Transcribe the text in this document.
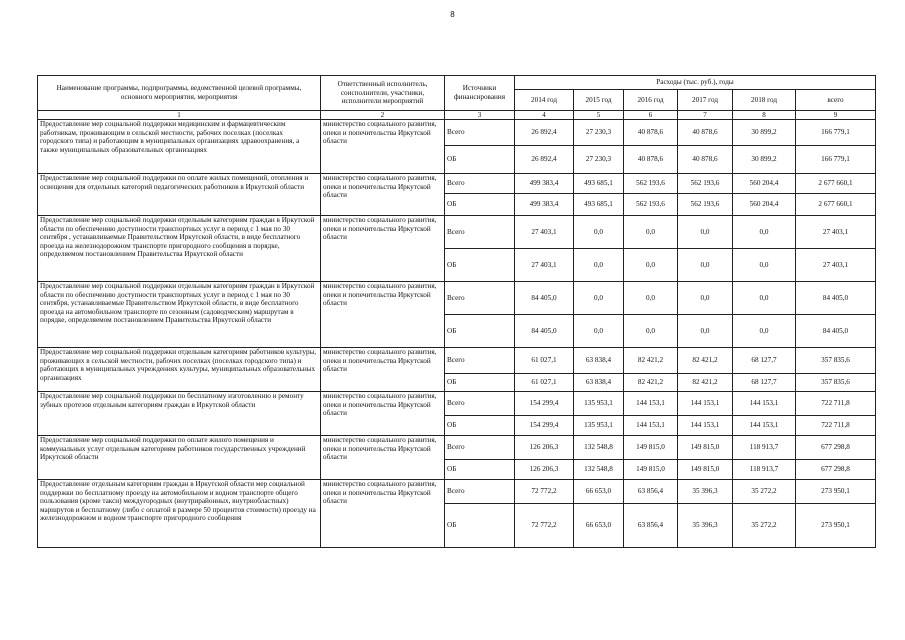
8
Наименование программы, подпрограммы, ведомственной целевой программы, основного мероприятия, мероприятия	Ответственный исполнитель, соисполнители, участники, исполнители мероприятий	Источники финансирования	Расходы (тыс. руб.), годы					
			2014 год	2015 год	2016 год	2017 год	2018 год	всего
1	2	3	4	5	6	7	8	9
Предоставление мер социальной поддержки медицинским и фармацевтическим работникам, проживающим в сельской местности, рабочих поселках (поселках городского типа) и работающим в муниципальных организациях здравоохранения, а также муниципальных образовательных организациях	министерство социального развития, опеки и попечительства Иркутской области	Всего	26 892,4	27 230,3	40 878,6	40 878,6	30 899,2	166 779,1
		ОБ	26 892,4	27 230,3	40 878,6	40 878,6	30 899,2	166 779,1
Предоставление мер социальной поддержки по оплате жилых помещений, отопления и освещения для отдельных категорий педагогических работников в Иркутской области	министерство социального развития, опеки и попечительства Иркутской области	Всего	499 383,4	493 685,1	562 193,6	562 193,6	560 204,4	2 677 660,1
		ОБ	499 383,4	493 685,1	562 193,6	562 193,6	560 204,4	2 677 660,1
Предоставление мер социальной поддержки отдельным категориям граждан в Иркутской области по обеспечению доступности транспортных услуг в период с 1 мая по 30 сентября , устанавливаемые Правительством Иркутской области, в виде бесплатного проезда на железнодорожном транспорте пригородного сообщения в порядке, определяемом постановлением Правительства Иркутской области	министерство социального развития, опеки и попечительства Иркутской области	Всего	27 403,1	0,0	0,0	0,0	0,0	27 403,1
		ОБ	27 403,1	0,0	0,0	0,0	0,0	27 403,1
Предоставление мер социальной поддержки отдельным категориям граждан в Иркутской области по обеспечению доступности транспортных услуг в период с 1 мая по 30 сентября, устанавливаемые Правительством Иркутской области, в виде бесплатного проезда на автомобильном транспорте по сезонным (садоводческим) маршрутам в порядке, определяемом постановлением Правительства Иркутской области	министерство социального развития, опеки и попечительства Иркутской области	Всего	84 405,0	0,0	0,0	0,0	0,0	84 405,0
		ОБ	84 405,0	0,0	0,0	0,0	0,0	84 405,0
Предоставление мер социальной поддержки отдельным категориям работников культуры, проживающих в сельской местности, рабочих поселках (поселках городского типа) и работающих в муниципальных учреждениях культуры, муниципальных образовательных организациях	министерство социального развития, опеки и попечительства Иркутской области	Всего	61 027,1	63 838,4	82 421,2	82 421,2	68 127,7	357 835,6
		ОБ	61 027,1	63 838,4	82 421,2	82 421,2	68 127,7	357 835,6
Предоставление мер социальной поддержки по бесплатному изготовлению и ремонту зубных протезов отдельным категориям граждан в Иркутской области	министерство социального развития, опеки и попечительства Иркутской области	Всего	154 299,4	135 953,1	144 153,1	144 153,1	144 153,1	722 711,8
		ОБ	154 299,4	135 953,1	144 153,1	144 153,1	144 153,1	722 711,8
Предоставление мер социальной поддержки по оплате жилого помещения и коммунальных услуг отдельным категориям работников государственных учреждений Иркутской области	министерство социального развития, опеки и попечительства Иркутской области	Всего	126 206,3	132 548,8	149 815,0	149 815,0	118 913,7	677 298,8
		ОБ	126 206,3	132 548,8	149 815,0	149 815,0	118 913,7	677 298,8
Предоставление отдельным категориям граждан в Иркутской области мер социальной поддержки по бесплатному проезду на автомобильном и водном транспорте общего пользования (кроме такси) междугородных (внутрирайонных, внутриобластных) маршрутов и бесплатному (либо с оплатой в размере 50 процентов стоимости) проезду на железнодорожном и водном транспорте пригородного сообщения	министерство социального развития, опеки и попечительства Иркутской области	Всего	72 772,2	66 653,0	63 856,4	35 396,3	35 272,2	273 950,1
		ОБ	72 772,2	66 653,0	63 856,4	35 396,3	35 272,2	273 950,1
